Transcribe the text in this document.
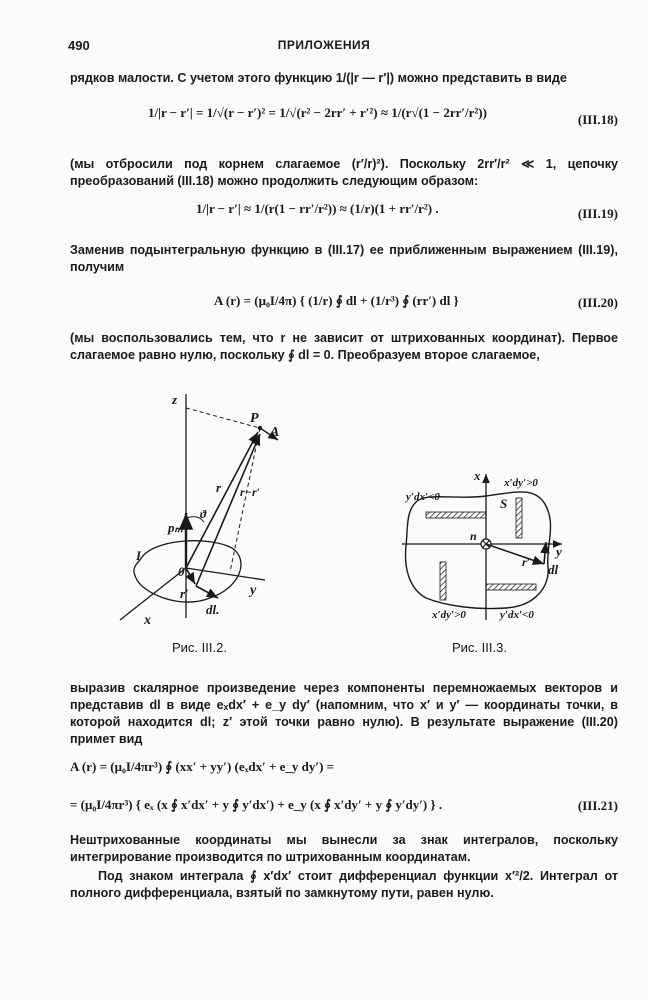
490	ПРИЛОЖЕНИЯ
рядков малости. С учетом этого функцию 1/(|r — r′|) можно представить в виде
1/|r − r′| = 1/√(r − r′)² = 1/√(r² − 2rr′ + r′²) ≈ 1/(r√(1 − 2rr′/r²))	(III.18)
(мы отбросили под корнем слагаемое (r′/r)²). Поскольку 2rr′/r² ≪ 1, цепочку преобразований (III.18) можно продолжить следующим образом:
1/|r − r′| ≈ 1/(r(1 − rr′/r²)) ≈ (1/r)(1 + rr′/r²) .	(III.19)
Заменив подынтегральную функцию в (III.17) ее приближенным выражением (III.19), получим
A (r) = (μ₀I/4π) { (1/r) ∮ dl + (1/r³) ∮ (rr′) dl }	(III.20)
(мы воспользовались тем, что r не зависит от штрихованных координат). Первое слагаемое равно нулю, поскольку ∮ dl = 0. Преобразуем второе слагаемое,
z
P
A
r r−r′
ϑ
pₘ
I
0
r′
dl.
y
x
Рис. III.2.
x
y
n
S
r′ dl
y′dx′<0
x′dy′>0
x′dy′>0	y′dx′<0
Рис. III.3.
выразив скалярное произведение через компоненты перемножаемых векторов и представив dl в виде eₓdx′ + e_y dy′ (напомним, что x′ и y′ — координаты точки, в которой находится dl; z′ этой точки равно нулю). В результате выражение (III.20) примет вид
A (r) = (μ₀I/4πr³) ∮ (xx′ + yy′) (eₓdx′ + e_y dy′) =
= (μ₀I/4πr³) { eₓ (x ∮ x′dx′ + y ∮ y′dx′) + e_y (x ∮ x′dy′ + y ∮ y′dy′) } .	(III.21)
Нештрихованные координаты мы вынесли за знак интегралов, поскольку интегрирование производится по штрихованным координатам.
Под знаком интеграла ∮ x′dx′ стоит дифференциал функции x′²/2. Интеграл от полного дифференциала, взятый по замкнутому пути, равен нулю.
